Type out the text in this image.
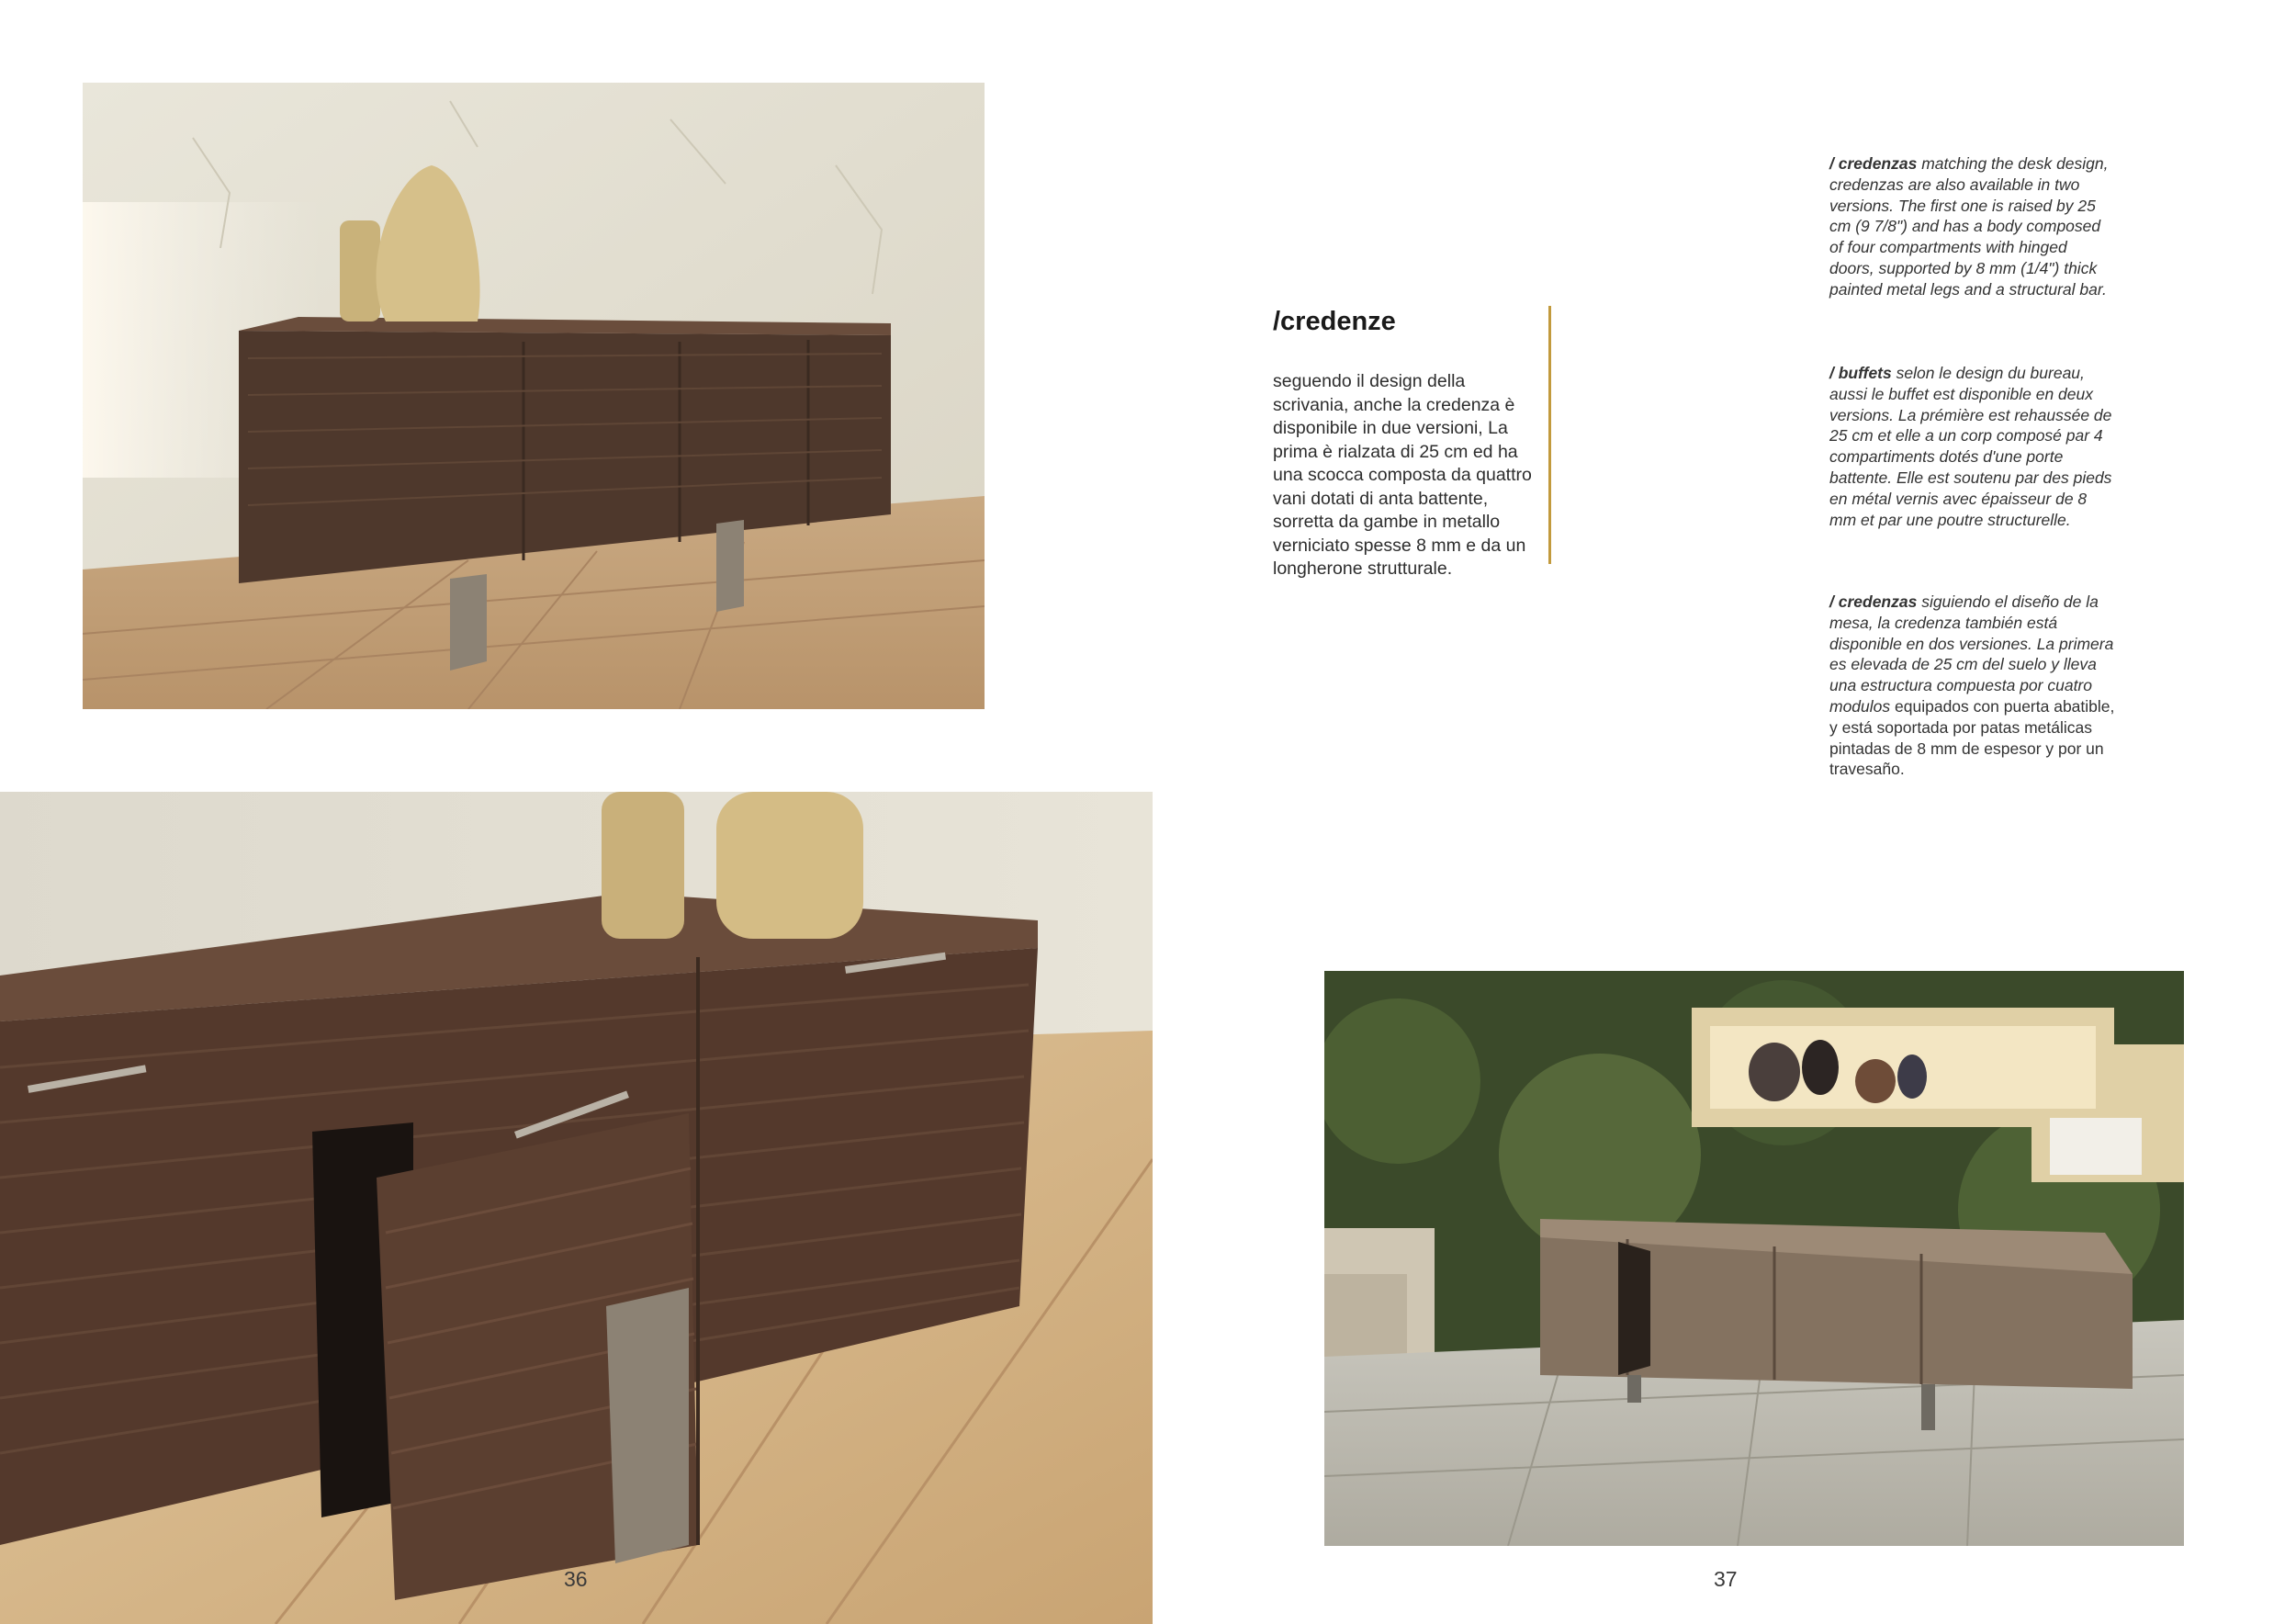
/credenze

seguendo il design della scrivania, anche la credenza è disponibile in due versioni, La prima è rialzata di 25 cm ed ha una scocca composta da quattro vani dotati di anta battente, sorretta da gambe in metallo verniciato spesse 8 mm e da un longherone strutturale.

/ credenzas matching the desk design, credenzas are also available in two versions. The first one is raised by 25 cm (9 7/8") and has a body composed of four compartments with hinged doors, supported by 8 mm (1/4") thick painted metal legs and a structural bar.

/ buffets selon le design du bureau, aussi le buffet est disponible en deux versions. La prémière est rehaussée de 25 cm et elle a un corp composé par 4 compartiments dotés d'une porte battente. Elle est soutenu par des pieds en métal vernis avec épaisseur de 8 mm et par une poutre structurelle.

/ credenzas siguiendo el diseño de la mesa, la credenza también está disponible en dos versiones. La primera es elevada de 25 cm del suelo y lleva una estructura compuesta por cuatro modulos equipados con puerta abatible, y está soportada por patas metálicas pintadas de 8 mm de espesor y por un travesaño.

36	37
